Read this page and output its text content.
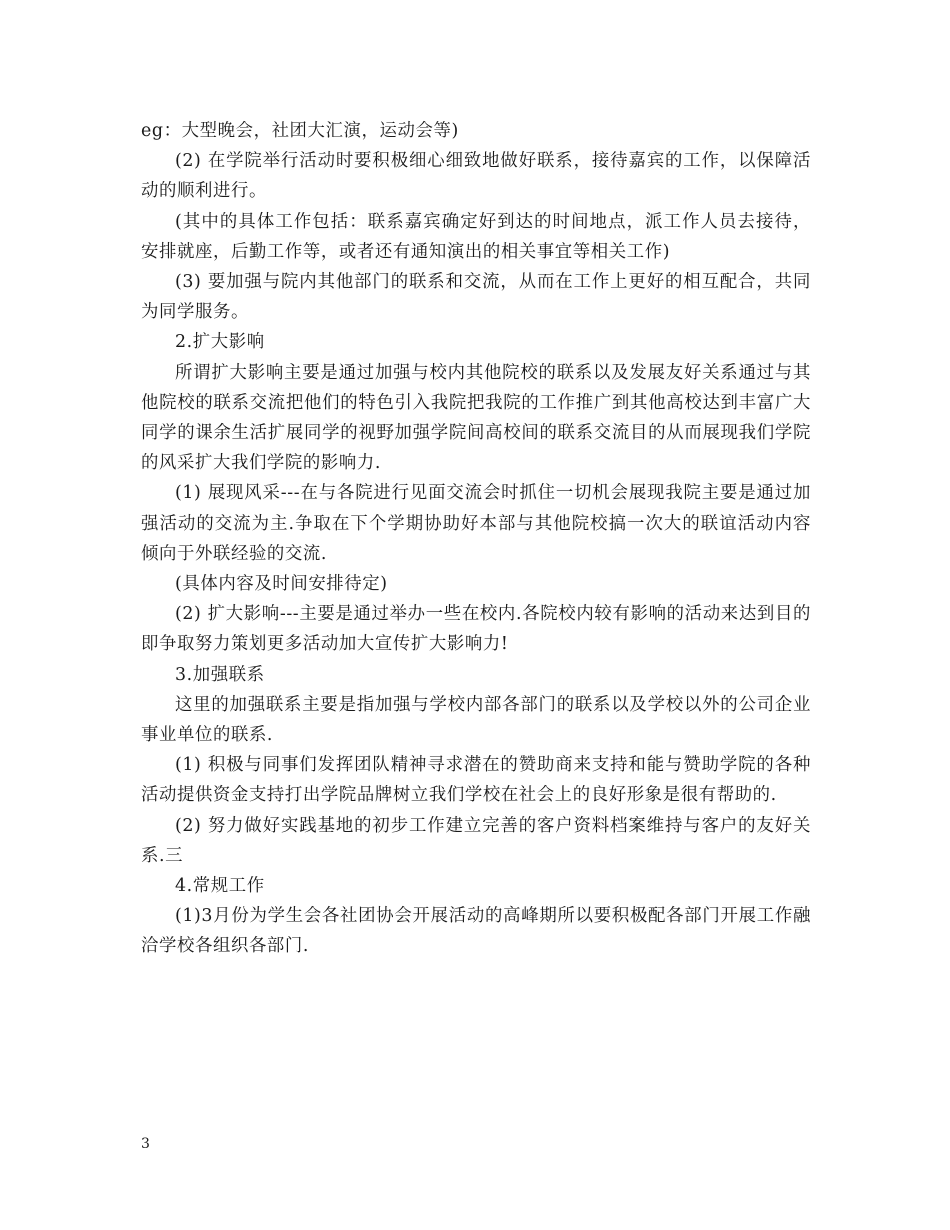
eg：大型晚会，社团大汇演，运动会等)

(2) 在学院举行活动时要积极细心细致地做好联系，接待嘉宾的工作，以保障活动的顺利进行。

(其中的具体工作包括：联系嘉宾确定好到达的时间地点，派工作人员去接待，安排就座，后勤工作等，或者还有通知演出的相关事宜等相关工作)

(3) 要加强与院内其他部门的联系和交流，从而在工作上更好的相互配合，共同为同学服务。

2.扩大影响

所谓扩大影响主要是通过加强与校内其他院校的联系以及发展友好关系通过与其他院校的联系交流把他们的特色引入我院把我院的工作推广到其他高校达到丰富广大同学的课余生活扩展同学的视野加强学院间高校间的联系交流目的从而展现我们学院的风采扩大我们学院的影响力.

(1) 展现风采---在与各院进行见面交流会时抓住一切机会展现我院主要是通过加强活动的交流为主.争取在下个学期协助好本部与其他院校搞一次大的联谊活动内容倾向于外联经验的交流.

(具体内容及时间安排待定)

(2) 扩大影响---主要是通过举办一些在校内.各院校内较有影响的活动来达到目的即争取努力策划更多活动加大宣传扩大影响力!

3.加强联系

这里的加强联系主要是指加强与学校内部各部门的联系以及学校以外的公司企业事业单位的联系.

(1) 积极与同事们发挥团队精神寻求潜在的赞助商来支持和能与赞助学院的各种活动提供资金支持打出学院品牌树立我们学校在社会上的良好形象是很有帮助的.

(2) 努力做好实践基地的初步工作建立完善的客户资料档案维持与客户的友好关系.三

4.常规工作

(1)3月份为学生会各社团协会开展活动的高峰期所以要积极配各部门开展工作融洽学校各组织各部门.

3
